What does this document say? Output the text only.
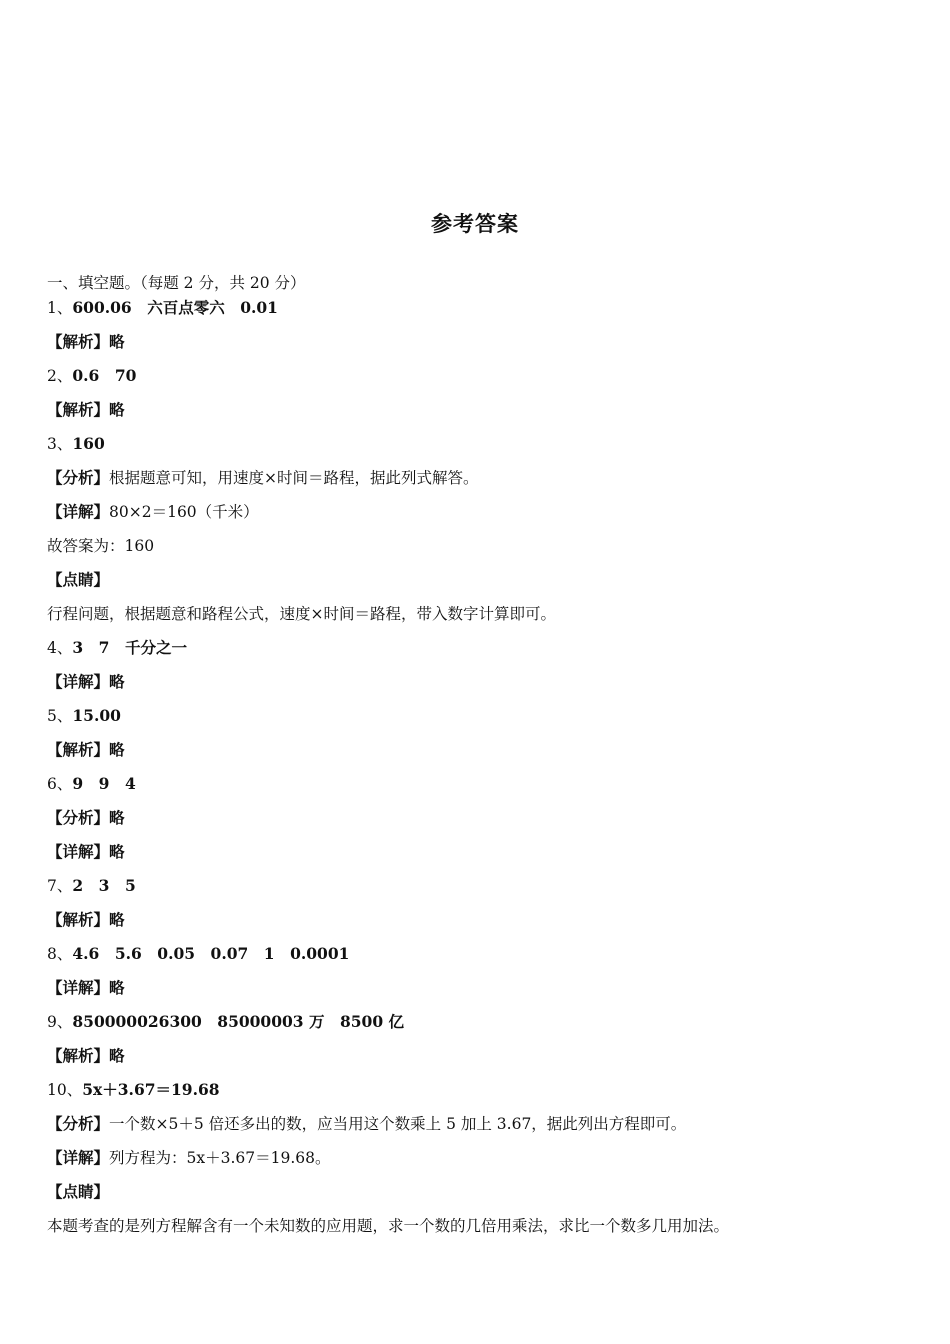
参考答案
一、填空题。（每题 2 分，共 20 分）
1、600.06　六百点零六　0.01
【解析】略
2、0.6　70
【解析】略
3、160
【分析】根据题意可知，用速度×时间＝路程，据此列式解答。
【详解】80×2＝160（千米）
故答案为：160
【点睛】
行程问题，根据题意和路程公式，速度×时间＝路程，带入数字计算即可。
4、3　7　千分之一
【详解】略
5、15.00
【解析】略
6、9　9　4
【分析】略
【详解】略
7、2　3　5
【解析】略
8、4.6　5.6　0.05　0.07　1　0.0001
【详解】略
9、850000026300　85000003 万　8500 亿
【解析】略
10、5x＋3.67＝19.68
【分析】一个数×5＋5 倍还多出的数，应当用这个数乘上 5 加上 3.67，据此列出方程即可。
【详解】列方程为：5x＋3.67＝19.68。
【点睛】
本题考查的是列方程解含有一个未知数的应用题，求一个数的几倍用乘法，求比一个数多几用加法。
